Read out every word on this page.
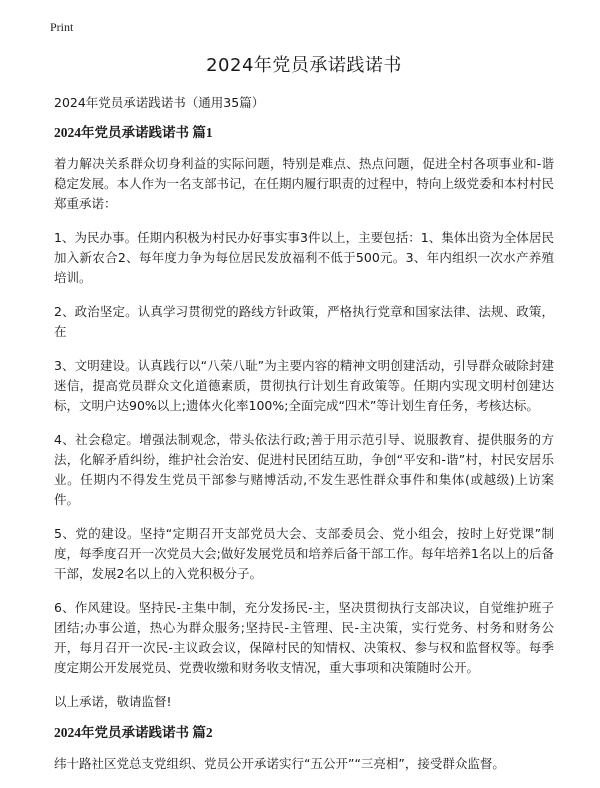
Print
2024年党员承诺践诺书

2024年党员承诺践诺书（通用35篇）

2024年党员承诺践诺书 篇1

着力解决关系群众切身利益的实际问题，特别是难点、热点问题，促进全村各项事业和-谐稳定发展。本人作为一名支部书记，在任期内履行职责的过程中，特向上级党委和本村村民郑重承诺：

1、为民办事。任期内积极为村民办好事实事3件以上，主要包括：1、集体出资为全体居民加入新农合2、每年度力争为每位居民发放福利不低于500元。3、年内组织一次水产养殖培训。

2、政治坚定。认真学习贯彻党的路线方针政策，严格执行党章和国家法律、法规、政策，在

3、文明建设。认真践行以“八荣八耻”为主要内容的精神文明创建活动，引导群众破除封建迷信，提高党员群众文化道德素质，贯彻执行计划生育政策等。任期内实现文明村创建达标，文明户达90%以上;遗体火化率100%;全面完成“四术”等计划生育任务，考核达标。

4、社会稳定。增强法制观念，带头依法行政;善于用示范引导、说服教育、提供服务的方法，化解矛盾纠纷，维护社会治安、促进村民团结互助，争创“平安和-谐”村，村民安居乐业。任期内不得发生党员干部参与赌博活动,不发生恶性群众事件和集体(或越级)上访案件。

5、党的建设。坚持“定期召开支部党员大会、支部委员会、党小组会，按时上好党课”制度，每季度召开一次党员大会;做好发展党员和培养后备干部工作。每年培养1名以上的后备干部，发展2名以上的入党积极分子。

6、作风建设。坚持民-主集中制，充分发扬民-主，坚决贯彻执行支部决议，自觉维护班子团结;办事公道，热心为群众服务;坚持民-主管理、民-主决策，实行党务、村务和财务公开，每月召开一次民-主议政会议，保障村民的知情权、决策权、参与权和监督权等。每季度定期公开发展党员、党费收缴和财务收支情况，重大事项和决策随时公开。

以上承诺，敬请监督!

2024年党员承诺践诺书 篇2

纬十路社区党总支党组织、党员公开承诺实行“五公开”“三亮相”，接受群众监督。
